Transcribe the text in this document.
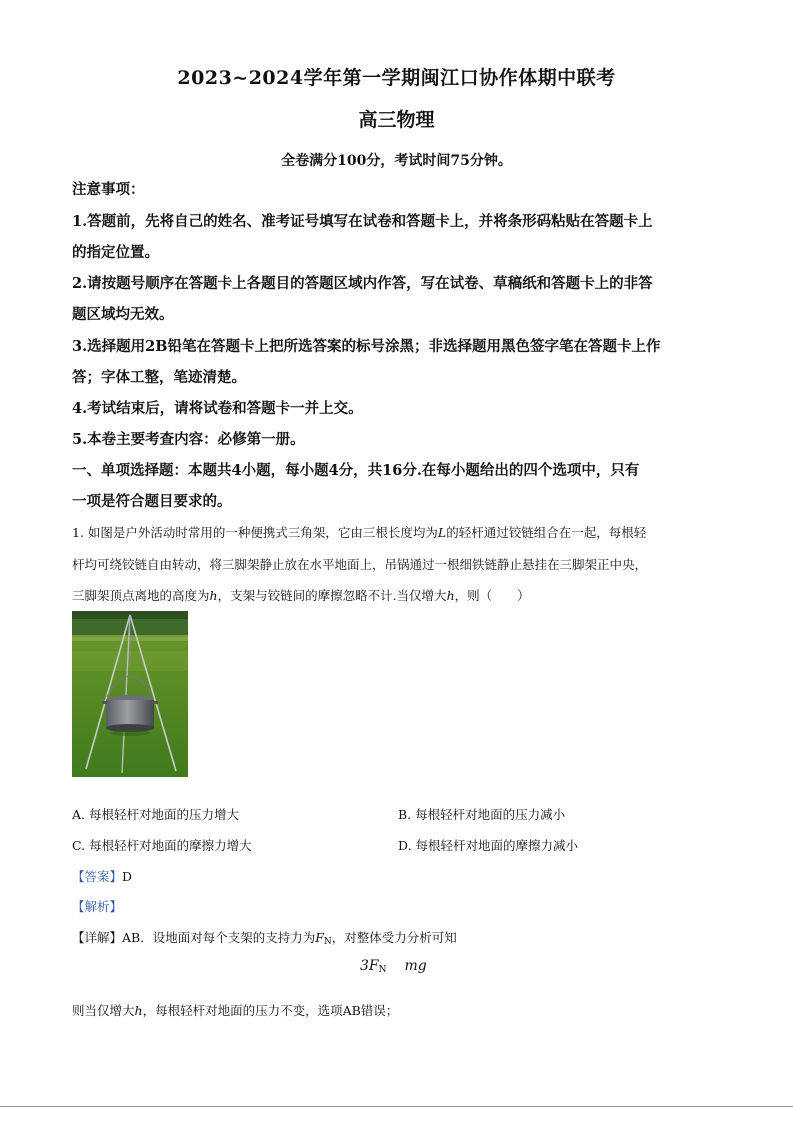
2023~2024学年第一学期闽江口协作体期中联考
高三物理
全卷满分100分，考试时间75分钟。
注意事项：
1.答题前，先将自己的姓名、准考证号填写在试卷和答题卡上，并将条形码粘贴在答题卡上
的指定位置。
2.请按题号顺序在答题卡上各题目的答题区域内作答，写在试卷、草稿纸和答题卡上的非答
题区域均无效。
3.选择题用2B铅笔在答题卡上把所选答案的标号涂黑；非选择题用黑色签字笔在答题卡上作
答；字体工整，笔迹清楚。
4.考试结束后，请将试卷和答题卡一并上交。
5.本卷主要考查内容：必修第一册。
一、单项选择题：本题共4小题，每小题4分，共16分.在每小题给出的四个选项中，只有
一项是符合题目要求的。
1. 如图是户外活动时常用的一种便携式三角架，它由三根长度均为L的轻杆通过铰链组合在一起，每根轻
杆均可绕铰链自由转动，将三脚架静止放在水平地面上，吊锅通过一根细铁链静止悬挂在三脚架正中央，
三脚架顶点离地的高度为h，支架与铰链间的摩擦忽略不计.当仅增大h，则（　　）
A. 每根轻杆对地面的压力增大	B. 每根轻杆对地面的压力减小
C. 每根轻杆对地面的摩擦力增大	D. 每根轻杆对地面的摩擦力减小
【答案】D
【解析】
【详解】AB．设地面对每个支架的支持力为$F_N$，对整体受力分析可知
$3F_N$ mg
则当仅增大h，每根轻杆对地面的压力不变，选项AB错误；
